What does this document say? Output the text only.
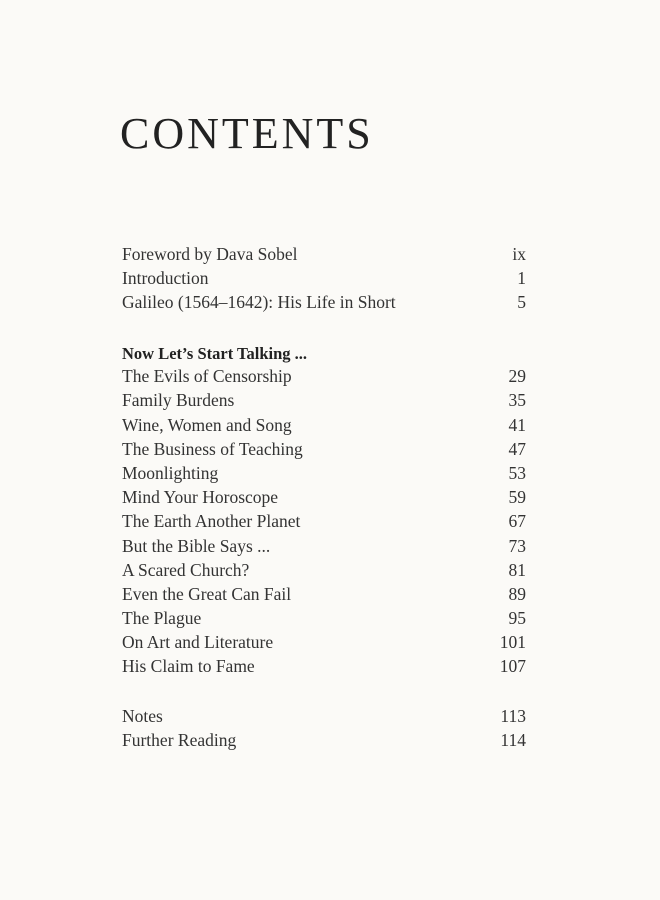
CONTENTS
Foreword by Dava Sobel	ix
Introduction	1
Galileo (1564–1642): His Life in Short	5
Now Let’s Start Talking ...
The Evils of Censorship	29
Family Burdens	35
Wine, Women and Song	41
The Business of Teaching	47
Moonlighting	53
Mind Your Horoscope	59
The Earth Another Planet	67
But the Bible Says ...	73
A Scared Church?	81
Even the Great Can Fail	89
The Plague	95
On Art and Literature	101
His Claim to Fame	107
Notes	113
Further Reading	114
